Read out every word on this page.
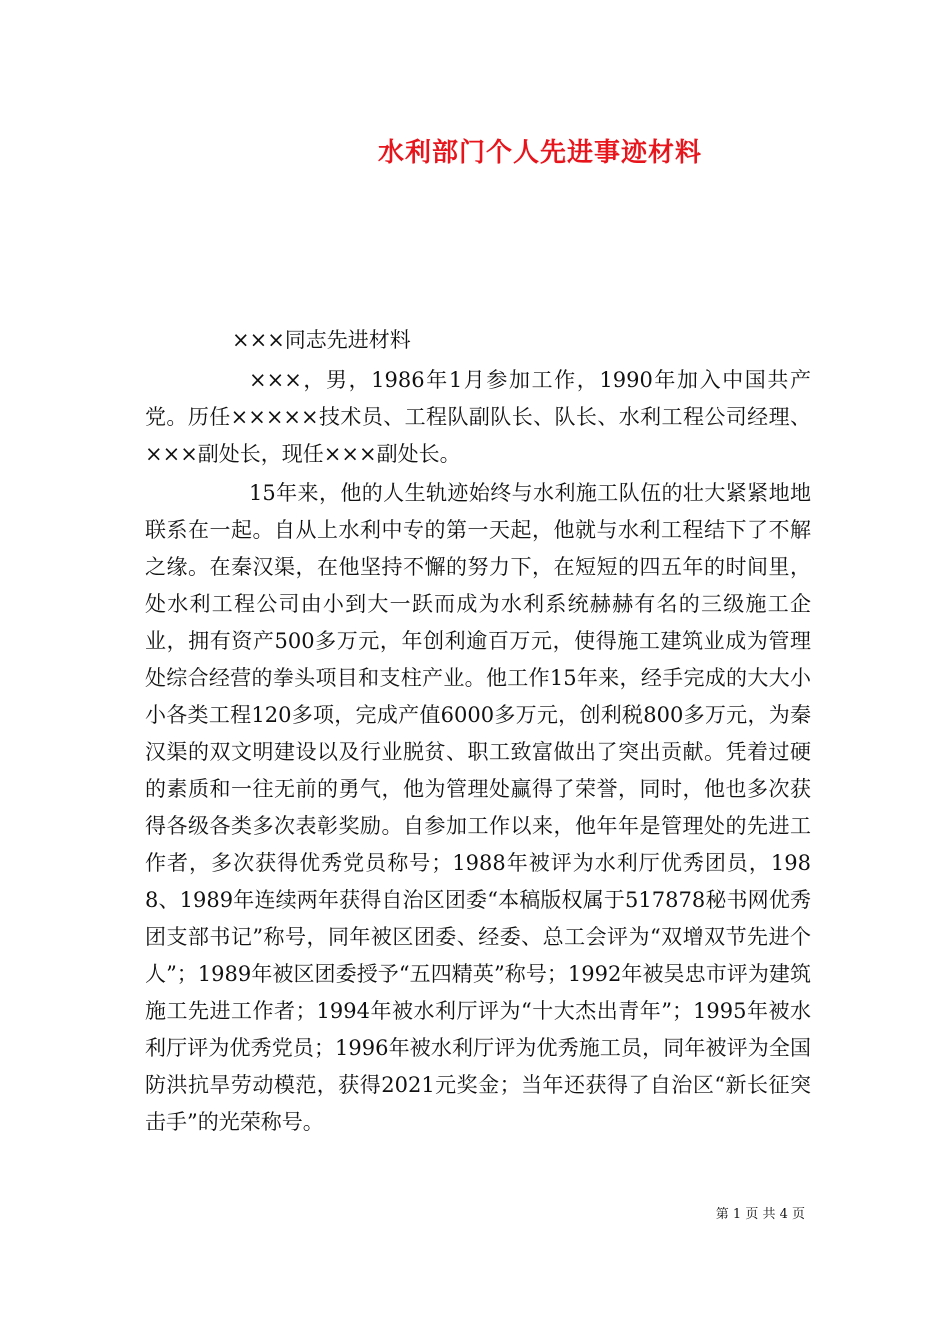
水利部门个人先进事迹材料
×××同志先进材料

×××，男，1986年1月参加工作，1990年加入中国共产党。历任×××××技术员、工程队副队长、队长、水利工程公司经理、×××副处长，现任×××副处长。

15年来，他的人生轨迹始终与水利施工队伍的壮大紧紧地地联系在一起。自从上水利中专的第一天起，他就与水利工程结下了不解之缘。在秦汉渠，在他坚持不懈的努力下，在短短的四五年的时间里，处水利工程公司由小到大一跃而成为水利系统赫赫有名的三级施工企业，拥有资产500多万元，年创利逾百万元，使得施工建筑业成为管理处综合经营的拳头项目和支柱产业。他工作15年来，经手完成的大大小小各类工程120多项，完成产值6000多万元，创利税800多万元，为秦汉渠的双文明建设以及行业脱贫、职工致富做出了突出贡献。凭着过硬的素质和一往无前的勇气，他为管理处赢得了荣誉，同时，他也多次获得各级各类多次表彰奖励。自参加工作以来，他年年是管理处的先进工作者，多次获得优秀党员称号；1988年被评为水利厅优秀团员，1988、1989年连续两年获得自治区团委“本稿版权属于517878秘书网优秀团支部书记”称号，同年被区团委、经委、总工会评为“双增双节先进个人”；1989年被区团委授予“五四精英”称号；1992年被吴忠市评为建筑施工先进工作者；1994年被水利厅评为“十大杰出青年”；1995年被水利厅评为优秀党员；1996年被水利厅评为优秀施工员，同年被评为全国防洪抗旱劳动模范，获得2021元奖金；当年还获得了自治区“新长征突击手”的光荣称号。

第 1 页 共 4 页
